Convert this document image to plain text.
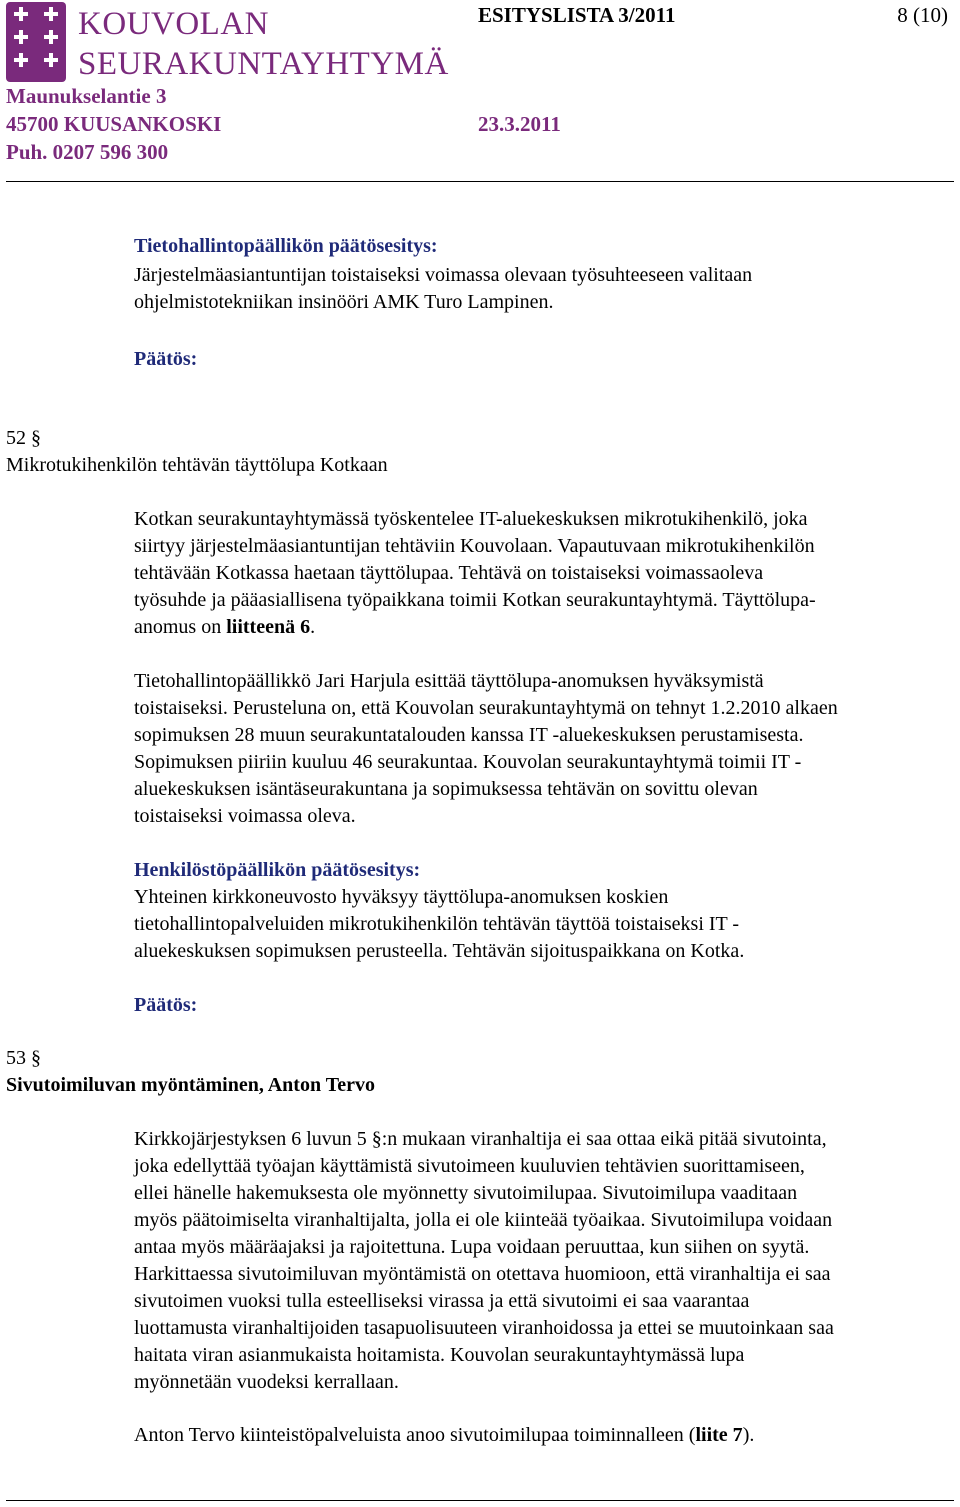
KOUVOLAN
SEURAKUNTAYHTYMÄ
ESITYSLISTA 3/2011	8 (10)
Maunukselantie 3
45700 KUUSANKOSKI
Puh. 0207 596 300
23.3.2011
Tietohallintopäällikön päätösesitys:
Järjestelmäasiantuntijan toistaiseksi voimassa olevaan työsuhteeseen valitaan
ohjelmistotekniikan insinööri AMK Turo Lampinen.
Päätös:
52 §
Mikrotukihenkilön tehtävän täyttölupa Kotkaan
Kotkan seurakuntayhtymässä työskentelee IT-aluekeskuksen mikrotukihenkilö, joka
siirtyy järjestelmäasiantuntijan tehtäviin Kouvolaan. Vapautuvaan mikrotukihenkilön
tehtävään Kotkassa haetaan täyttölupaa. Tehtävä on toistaiseksi voimassaoleva
työsuhde ja pääasiallisena työpaikkana toimii Kotkan seurakuntayhtymä. Täyttölupa-
anomus on liitteenä 6.
Tietohallintopäällikkö Jari Harjula esittää täyttölupa-anomuksen hyväksymistä
toistaiseksi. Perusteluna on, että Kouvolan seurakuntayhtymä on tehnyt 1.2.2010 alkaen
sopimuksen 28 muun seurakuntatalouden kanssa IT -aluekeskuksen perustamisesta.
Sopimuksen piiriin kuuluu 46 seurakuntaa. Kouvolan seurakuntayhtymä toimii IT -
aluekeskuksen isäntäseurakuntana ja sopimuksessa tehtävän on sovittu olevan
toistaiseksi voimassa oleva.
Henkilöstöpäällikön päätösesitys:
Yhteinen kirkkoneuvosto hyväksyy täyttölupa-anomuksen koskien
tietohallintopalveluiden mikrotukihenkilön tehtävän täyttöä toistaiseksi IT -
aluekeskuksen sopimuksen perusteella. Tehtävän sijoituspaikkana on Kotka.
Päätös:
53 §
Sivutoimiluvan myöntäminen, Anton Tervo
Kirkkojärjestyksen 6 luvun 5 §:n mukaan viranhaltija ei saa ottaa eikä pitää sivutointa,
joka edellyttää työajan käyttämistä sivutoimeen kuuluvien tehtävien suorittamiseen,
ellei hänelle hakemuksesta ole myönnetty sivutoimilupaa. Sivutoimilupa vaaditaan
myös päätoimiselta viranhaltijalta, jolla ei ole kiinteää työaikaa. Sivutoimilupa voidaan
antaa myös määräajaksi ja rajoitettuna. Lupa voidaan peruuttaa, kun siihen on syytä.
Harkittaessa sivutoimiluvan myöntämistä on otettava huomioon, että viranhaltija ei saa
sivutoimen vuoksi tulla esteelliseksi virassa ja että sivutoimi ei saa vaarantaa
luottamusta viranhaltijoiden tasapuolisuuteen viranhoidossa ja ettei se muutoinkaan saa
haitata viran asianmukaista hoitamista. Kouvolan seurakuntayhtymässä lupa
myönnetään vuodeksi kerrallaan.
Anton Tervo kiinteistöpalveluista anoo sivutoimilupaa toiminnalleen (liite 7).
